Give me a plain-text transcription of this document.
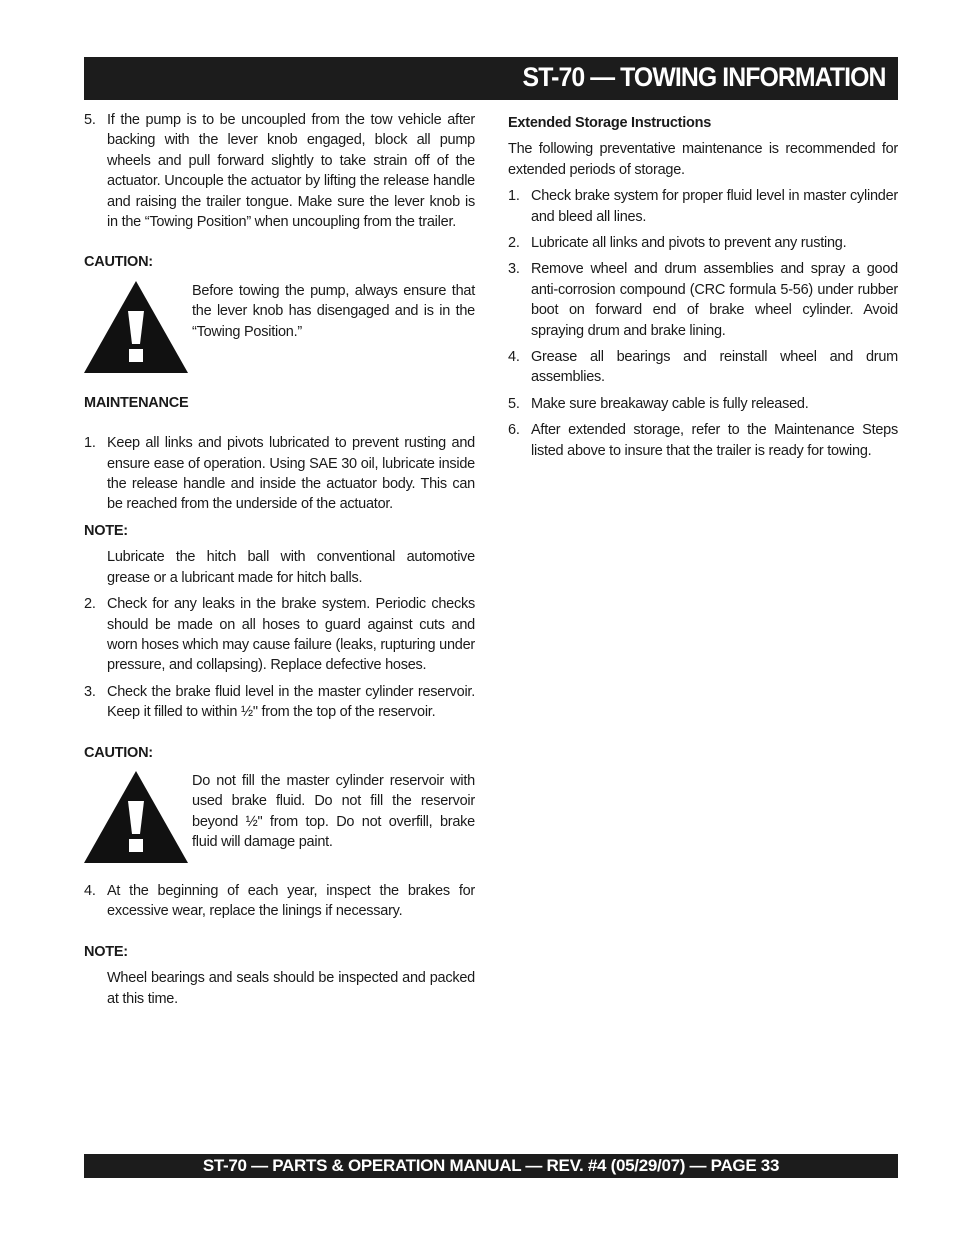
ST-70 — TOWING INFORMATION

5. If the pump is to be uncoupled from the tow vehicle after backing with the lever knob engaged, block all pump wheels and pull forward slightly to take strain off of the actuator. Uncouple the actuator by lifting the release handle and raising the trailer tongue. Make sure the lever knob is in the “Towing Position” when uncoupling from the trailer.

CAUTION:

Before towing the pump, always ensure that the lever knob has disengaged and is in the “Towing Position.”

MAINTENANCE

1. Keep all links and pivots lubricated to prevent rusting and ensure ease of operation. Using SAE 30 oil, lubricate inside the release handle and inside the actuator body. This can be reached from the underside of the actuator.

NOTE:

Lubricate the hitch ball with conventional automotive grease or a lubricant made for hitch balls.

2. Check for any leaks in the brake system. Periodic checks should be made on all hoses to guard against cuts and worn hoses which may cause failure (leaks, rupturing under pressure, and collapsing). Replace defective hoses.

3. Check the brake fluid level in the master cylinder reservoir. Keep it filled to within ½" from the top of the reservoir.

CAUTION:

Do not fill the master cylinder reservoir with used brake fluid. Do not fill the reservoir beyond ½" from top. Do not overfill, brake fluid will damage paint.

4. At the beginning of each year, inspect the brakes for excessive wear, replace the linings if necessary.

NOTE:

Wheel bearings and seals should be inspected and packed at this time.

Extended Storage Instructions

The following preventative maintenance is recommended for extended periods of storage.

1. Check brake system for proper fluid level in master cylinder and bleed all lines.

2. Lubricate all links and pivots to prevent any rusting.

3. Remove wheel and drum assemblies and spray a good anti-corrosion compound (CRC formula 5-56) under rubber boot on forward end of brake wheel cylinder. Avoid spraying drum and brake lining.

4. Grease all bearings and reinstall wheel and drum assemblies.

5. Make sure breakaway cable is fully released.

6. After extended storage, refer to the Maintenance Steps listed above to insure that the trailer is ready for towing.

ST-70 — PARTS & OPERATION MANUAL — REV. #4 (05/29/07) — PAGE 33
